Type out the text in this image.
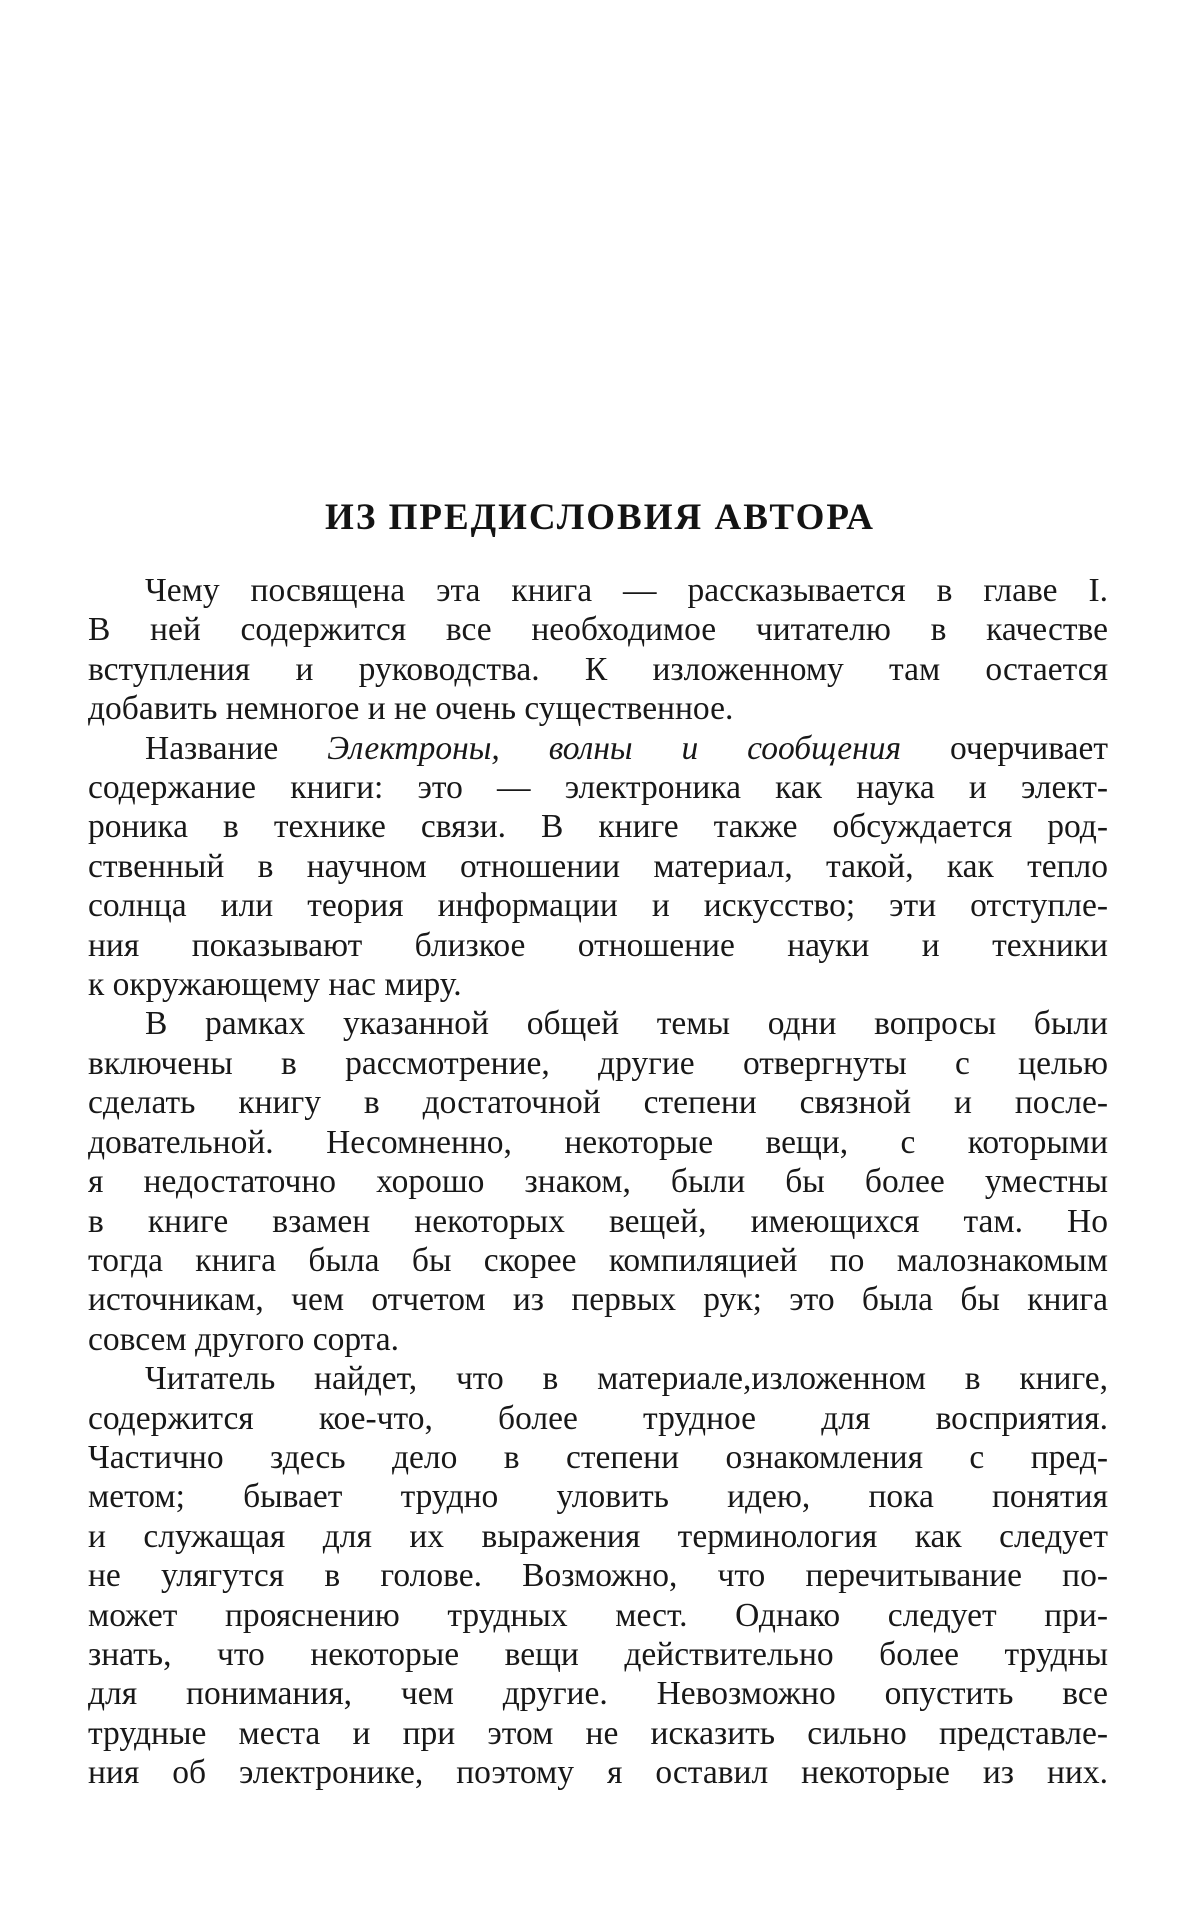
ИЗ ПРЕДИСЛОВИЯ АВТОРА
Чему посвящена эта книга — рассказывается в главе I.
В ней содержится все необходимое читателю в качестве
вступления и руководства. К изложенному там остается
добавить немногое и не очень существенное.
Название Электроны, волны и сообщения очерчивает
содержание книги: это — электроника как наука и элект-
роника в технике связи. В книге также обсуждается род-
ственный в научном отношении материал, такой, как тепло
солнца или теория информации и искусство; эти отступле-
ния показывают близкое отношение науки и техники
к окружающему нас миру.
В рамках указанной общей темы одни вопросы были
включены в рассмотрение, другие отвергнуты с целью
сделать книгу в достаточной степени связной и после-
довательной. Несомненно, некоторые вещи, с которыми
я недостаточно хорошо знаком, были бы более уместны
в книге взамен некоторых вещей, имеющихся там. Но
тогда книга была бы скорее компиляцией по малознакомым
источникам, чем отчетом из первых рук; это была бы книга
совсем другого сорта.
Читатель найдет, что в материале,изложенном в книге,
содержится кое-что, более трудное для восприятия.
Частично здесь дело в степени ознакомления с пред-
метом; бывает трудно уловить идею, пока понятия
и служащая для их выражения терминология как следует
не улягутся в голове. Возможно, что перечитывание по-
может прояснению трудных мест. Однако следует при-
знать, что некоторые вещи действительно более трудны
для понимания, чем другие. Невозможно опустить все
трудные места и при этом не исказить сильно представле-
ния об электронике, поэтому я оставил некоторые из них.
